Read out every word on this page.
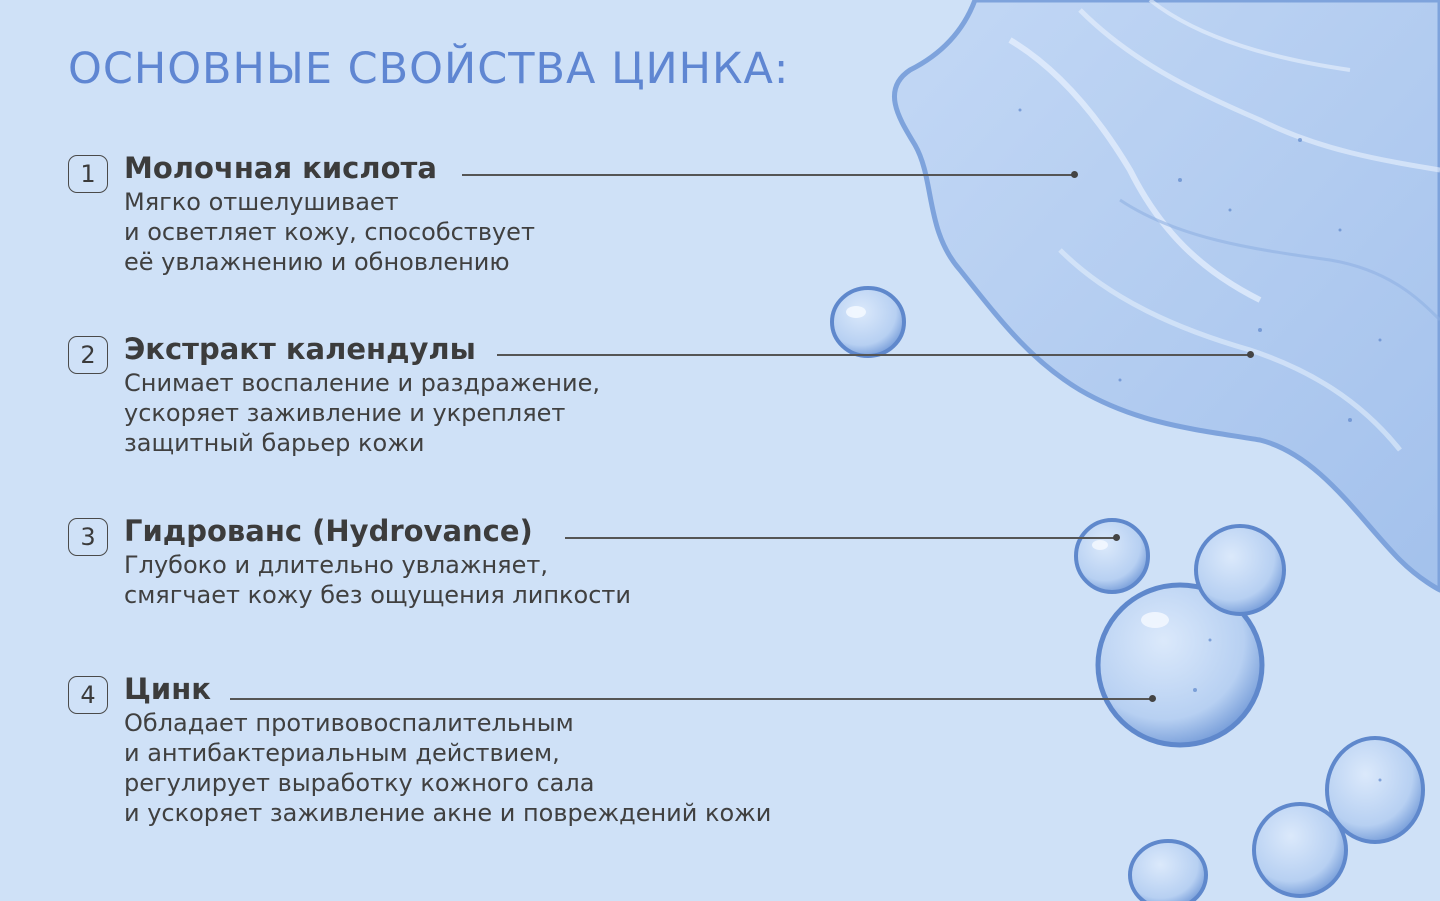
ОСНОВНЫЕ СВОЙСТВА ЦИНКА:
1 Молочная кислота
Мягко отшелушивает
и осветляет кожу, способствует
её увлажнению и обновлению
2 Экстракт календулы
Снимает воспаление и раздражение,
ускоряет заживление и укрепляет
защитный барьер кожи
3 Гидрованс (Hydrovance)
Глубоко и длительно увлажняет,
смягчает кожу без ощущения липкости
4 Цинк
Обладает противовоспалительным
и антибактериальным действием,
регулирует выработку кожного сала
и ускоряет заживление акне и повреждений кожи
